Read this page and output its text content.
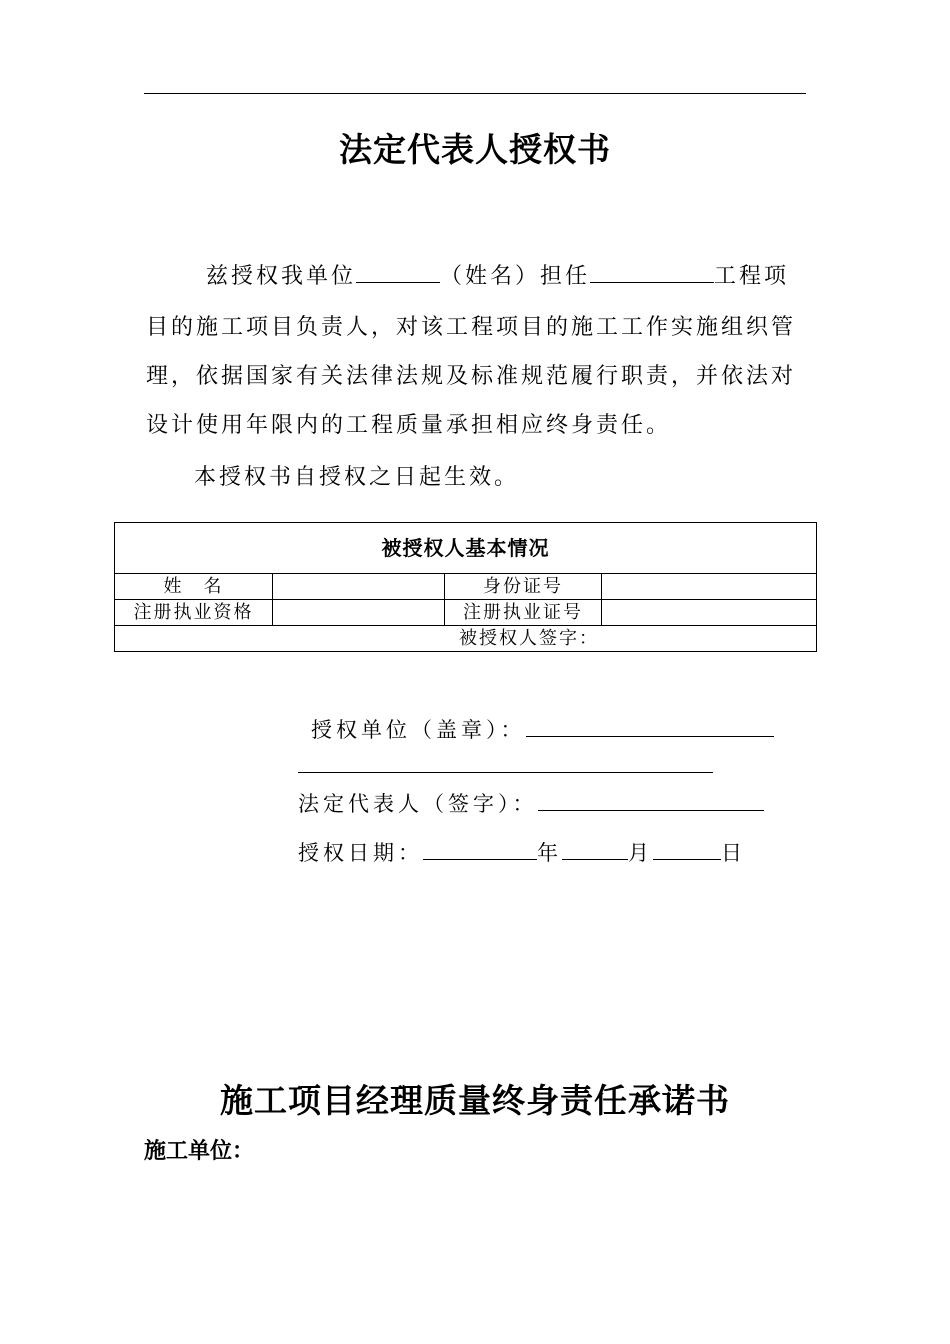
法定代表人授权书
兹授权我单位	（姓名）担任	工程项
目的施工项目负责人，对该工程项目的施工工作实施组织管
理，依据国家有关法律法规及标准规范履行职责，并依法对
设计使用年限内的工程质量承担相应终身责任。
本授权书自授权之日起生效。
被授权人基本情况			
姓　名		身份证号	
注册执业资格		注册执业证号	
被授权人签字：			
授权单位（盖章）：
法定代表人（签字）：
授权日期：	年	月	日
施工项目经理质量终身责任承诺书
施工单位：
